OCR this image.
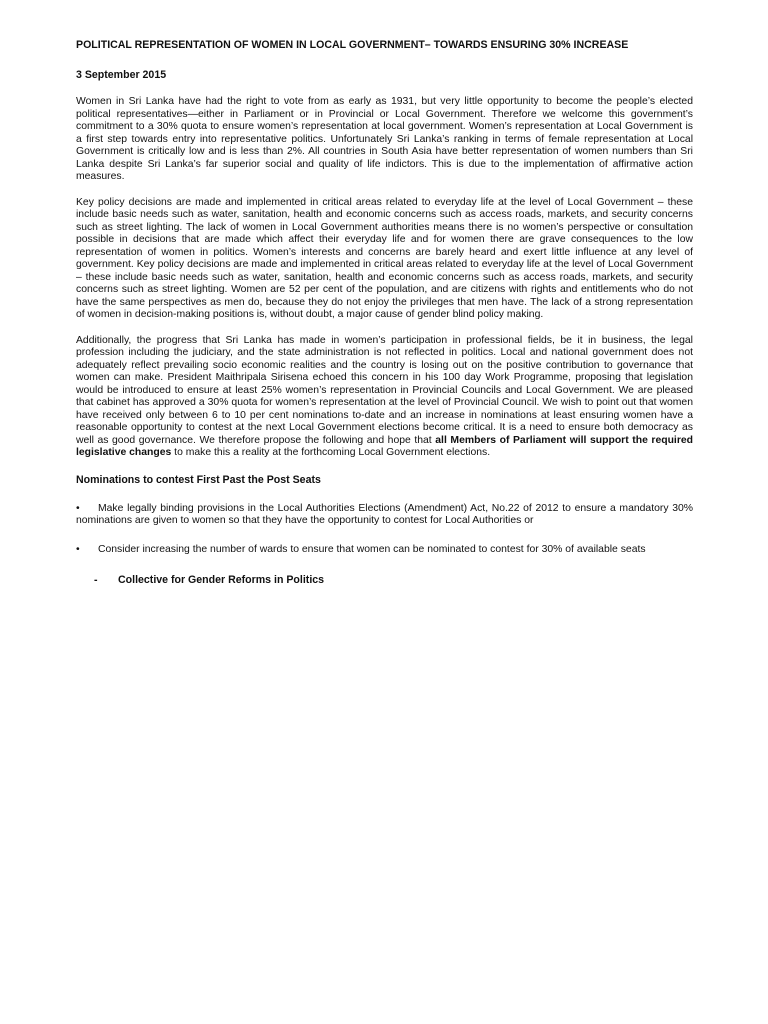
POLITICAL REPRESENTATION OF WOMEN IN LOCAL GOVERNMENT– TOWARDS ENSURING 30% INCREASE

3 September 2015

Women in Sri Lanka have had the right to vote from as early as 1931, but very little opportunity to become the people’s elected political representatives—either in Parliament or in Provincial or Local Government. Therefore we welcome this government’s commitment to a 30% quota to ensure women’s representation at local government. Women’s representation at Local Government is a first step towards entry into representative politics. Unfortunately Sri Lanka’s ranking in terms of female representation at Local Government is critically low and is less than 2%. All countries in South Asia have better representation of women numbers than Sri Lanka despite Sri Lanka’s far superior social and quality of life indictors. This is due to the implementation of affirmative action measures.

Key policy decisions are made and implemented in critical areas related to everyday life at the level of Local Government – these include basic needs such as water, sanitation, health and economic concerns such as access roads, markets, and security concerns such as street lighting. The lack of women in Local Government authorities means there is no women’s perspective or consultation possible in decisions that are made which affect their everyday life and for women there are grave consequences to the low representation of women in politics. Women’s interests and concerns are barely heard and exert little influence at any level of government. Key policy decisions are made and implemented in critical areas related to everyday life at the level of Local Government – these include basic needs such as water, sanitation, health and economic concerns such as access roads, markets, and security concerns such as street lighting. Women are 52 per cent of the population, and are citizens with rights and entitlements who do not have the same perspectives as men do, because they do not enjoy the privileges that men have. The lack of a strong representation of women in decision-making positions is, without doubt, a major cause of gender blind policy making.

Additionally, the progress that Sri Lanka has made in women’s participation in professional fields, be it in business, the legal profession including the judiciary, and the state administration is not reflected in politics. Local and national government does not adequately reflect prevailing socio economic realities and the country is losing out on the positive contribution to governance that women can make. President Maithripala Sirisena echoed this concern in his 100 day Work Programme, proposing that legislation would be introduced to ensure at least 25% women’s representation in Provincial Councils and Local Government. We are pleased that cabinet has approved a 30% quota for women’s representation at the level of Provincial Council. We wish to point out that women have received only between 6 to 10 per cent nominations to-date and an increase in nominations at least ensuring women have a reasonable opportunity to contest at the next Local Government elections become critical. It is a need to ensure both democracy as well as good governance. We therefore propose the following and hope that all Members of Parliament will support the required legislative changes to make this a reality at the forthcoming Local Government elections.

Nominations to contest First Past the Post Seats

• Make legally binding provisions in the Local Authorities Elections (Amendment) Act, No.22 of 2012 to ensure a mandatory 30% nominations are given to women so that they have the opportunity to contest for Local Authorities or

• Consider increasing the number of wards to ensure that women can be nominated to contest for 30% of available seats

- Collective for Gender Reforms in Politics
